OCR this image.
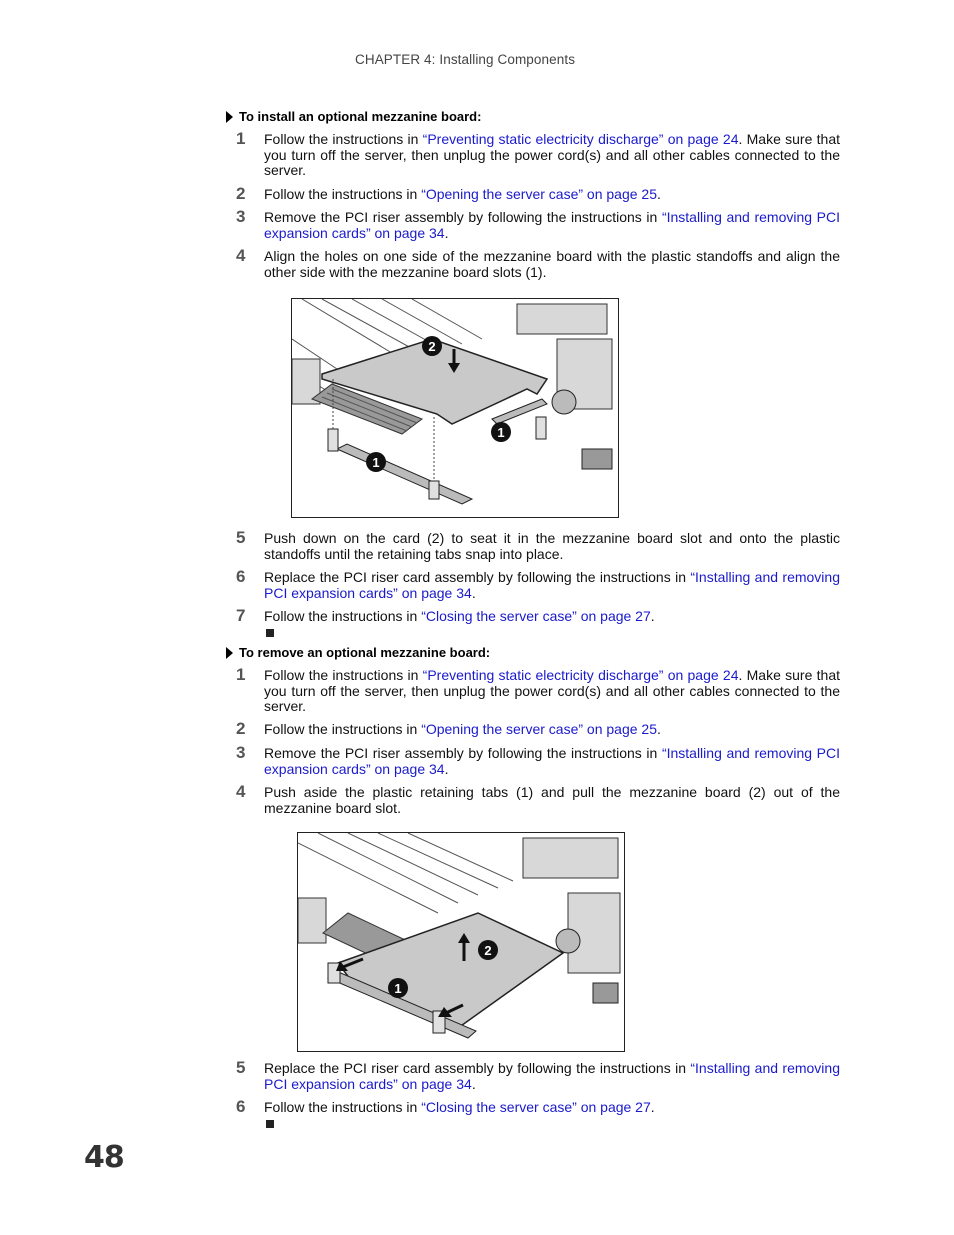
CHAPTER 4: Installing Components
To install an optional mezzanine board:
1 Follow the instructions in “Preventing static electricity discharge” on page 24. Make sure that you turn off the server, then unplug the power cord(s) and all other cables connected to the server.
2 Follow the instructions in “Opening the server case” on page 25.
3 Remove the PCI riser assembly by following the instructions in “Installing and removing PCI expansion cards” on page 34.
4 Align the holes on one side of the mezzanine board with the plastic standoffs and align the other side with the mezzanine board slots (1).
2
1
1
5 Push down on the card (2) to seat it in the mezzanine board slot and onto the plastic standoffs until the retaining tabs snap into place.
6 Replace the PCI riser card assembly by following the instructions in “Installing and removing PCI expansion cards” on page 34.
7 Follow the instructions in “Closing the server case” on page 27.
To remove an optional mezzanine board:
1 Follow the instructions in “Preventing static electricity discharge” on page 24. Make sure that you turn off the server, then unplug the power cord(s) and all other cables connected to the server.
2 Follow the instructions in “Opening the server case” on page 25.
3 Remove the PCI riser assembly by following the instructions in “Installing and removing PCI expansion cards” on page 34.
4 Push aside the plastic retaining tabs (1) and pull the mezzanine board (2) out of the mezzanine board slot.
2
1
5 Replace the PCI riser card assembly by following the instructions in “Installing and removing PCI expansion cards” on page 34.
6 Follow the instructions in “Closing the server case” on page 27.
48
